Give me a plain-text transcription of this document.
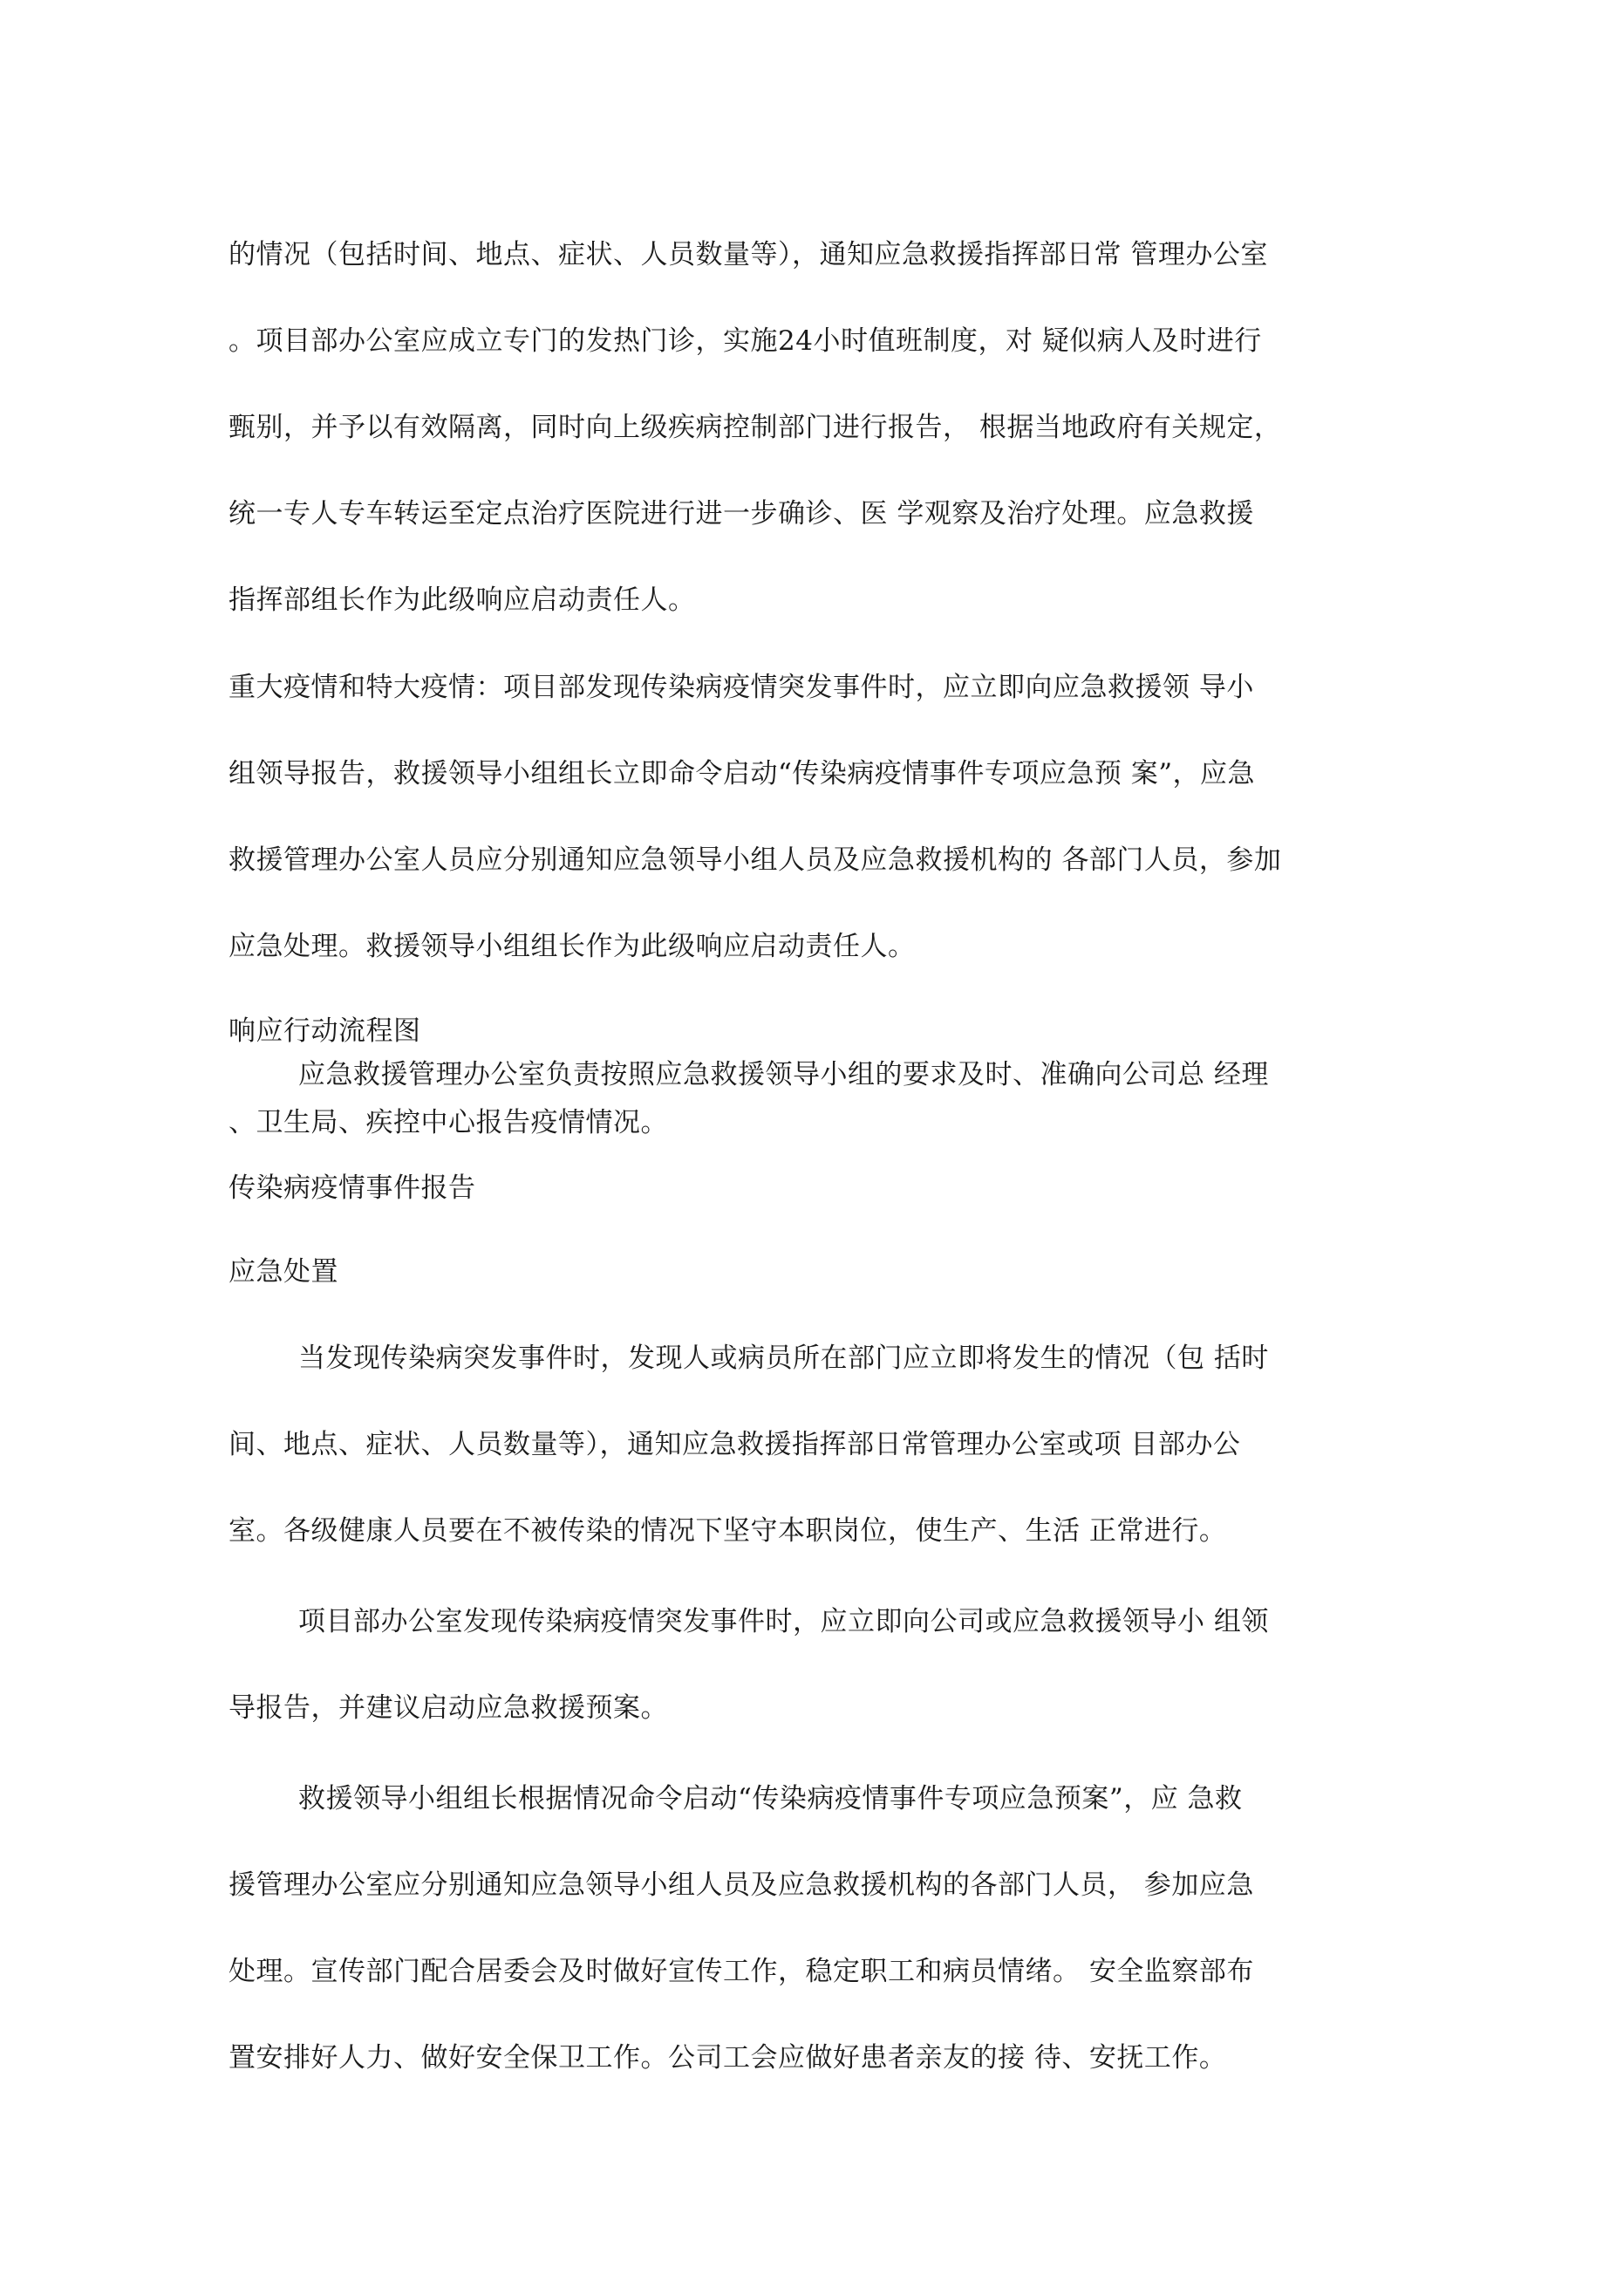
的情况（包括时间、地点、症状、人员数量等），通知应急救援指挥部日常 管理办公室
。项目部办公室应成立专门的发热门诊，实施24小时值班制度，对 疑似病人及时进行
甄别，并予以有效隔离，同时向上级疾病控制部门进行报告， 根据当地政府有关规定，
统一专人专车转运至定点治疗医院进行进一步确诊、医 学观察及治疗处理。应急救援
指挥部组长作为此级响应启动责任人。
重大疫情和特大疫情：项目部发现传染病疫情突发事件时，应立即向应急救援领 导小
组领导报告，救援领导小组组长立即命令启动“传染病疫情事件专项应急预 案”，应急
救援管理办公室人员应分别通知应急领导小组人员及应急救援机构的 各部门人员，参加
应急处理。救援领导小组组长作为此级响应启动责任人。
响应行动流程图
应急救援管理办公室负责按照应急救援领导小组的要求及时、准确向公司总 经理
、卫生局、疾控中心报告疫情情况。
传染病疫情事件报告
应急处置
当发现传染病突发事件时，发现人或病员所在部门应立即将发生的情况（包 括时
间、地点、症状、人员数量等），通知应急救援指挥部日常管理办公室或项 目部办公
室。各级健康人员要在不被传染的情况下坚守本职岗位，使生产、生活 正常进行。
项目部办公室发现传染病疫情突发事件时，应立即向公司或应急救援领导小 组领
导报告，并建议启动应急救援预案。
救援领导小组组长根据情况命令启动“传染病疫情事件专项应急预案”，应 急救
援管理办公室应分别通知应急领导小组人员及应急救援机构的各部门人员， 参加应急
处理。宣传部门配合居委会及时做好宣传工作，稳定职工和病员情绪。 安全监察部布
置安排好人力、做好安全保卫工作。公司工会应做好患者亲友的接 待、安抚工作。
